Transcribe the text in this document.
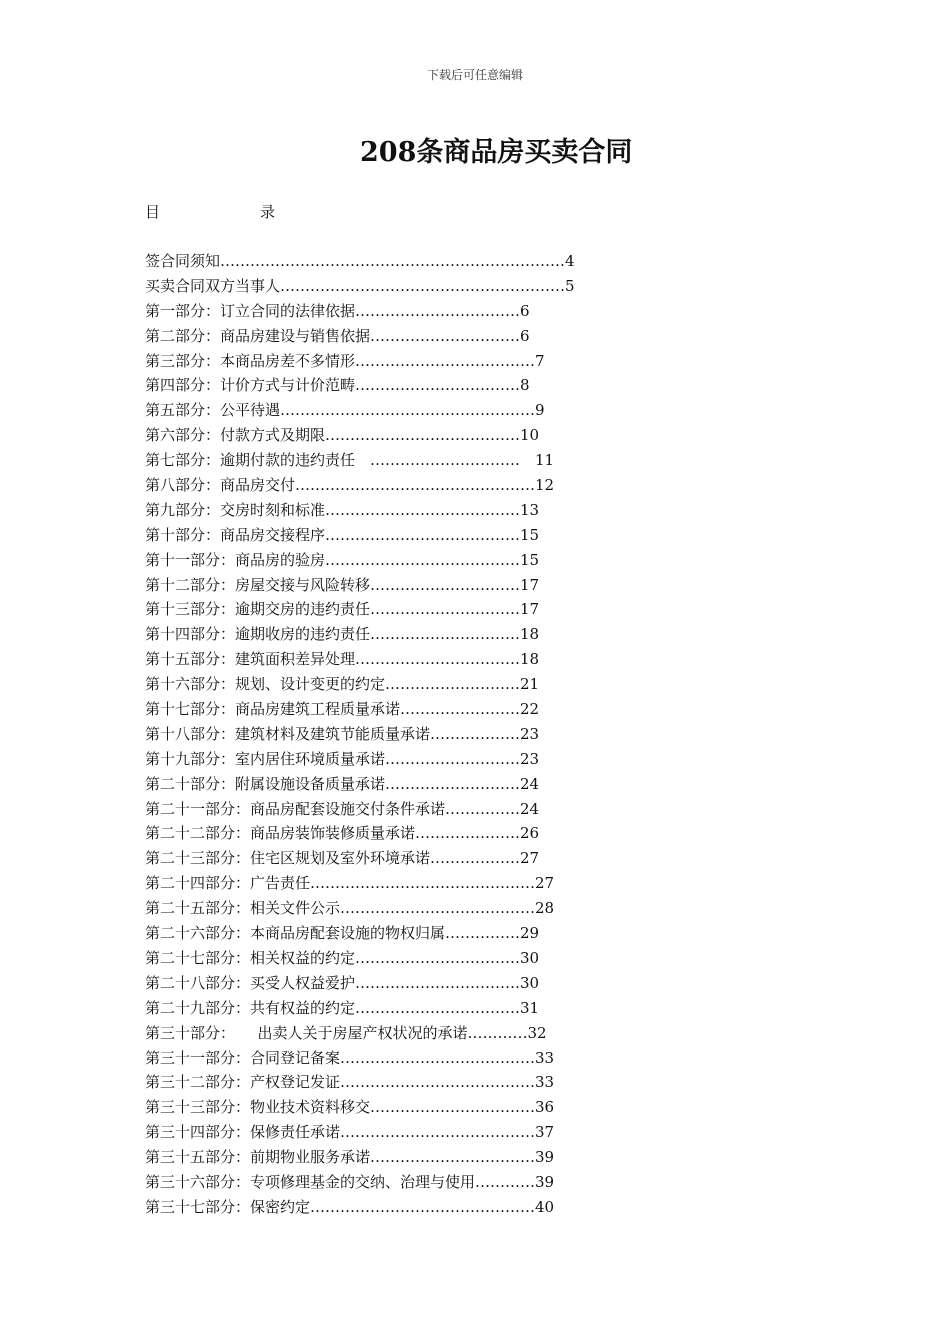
下载后可任意编辑
208条商品房买卖合同
目	录
签合同须知……………………………………………………………4
买卖合同双方当事人…………………………………………………5
第一部分：订立合同的法律依据……………………………6
第二部分：商品房建设与销售依据…………………………6
第三部分：本商品房差不多情形………………………………7
第四部分：计价方式与计价范畴……………………………8
第五部分：公平待遇……………………………………………9
第六部分：付款方式及期限…………………………………10
第七部分：逾期付款的违约责任　…………………………　11
第八部分：商品房交付…………………………………………12
第九部分：交房时刻和标准…………………………………13
第十部分：商品房交接程序…………………………………15
第十一部分：商品房的验房…………………………………15
第十二部分：房屋交接与风险转移…………………………17
第十三部分：逾期交房的违约责任…………………………17
第十四部分：逾期收房的违约责任…………………………18
第十五部分：建筑面积差异处理……………………………18
第十六部分：规划、设计变更的约定………………………21
第十七部分：商品房建筑工程质量承诺……………………22
第十八部分：建筑材料及建筑节能质量承诺………………23
第十九部分：室内居住环境质量承诺………………………23
第二十部分：附属设施设备质量承诺………………………24
第二十一部分：商品房配套设施交付条件承诺……………24
第二十二部分：商品房装饰装修质量承诺…………………26
第二十三部分：住宅区规划及室外环境承诺………………27
第二十四部分：广告责任………………………………………27
第二十五部分：相关文件公示…………………………………28
第二十六部分：本商品房配套设施的物权归属……………29
第二十七部分：相关权益的约定……………………………30
第二十八部分：买受人权益爱护……………………………30
第二十九部分：共有权益的约定……………………………31
第三十部分：　　出卖人关于房屋产权状况的承诺…………32
第三十一部分：合同登记备案…………………………………33
第三十二部分：产权登记发证…………………………………33
第三十三部分：物业技术资料移交……………………………36
第三十四部分：保修责任承诺…………………………………37
第三十五部分：前期物业服务承诺……………………………39
第三十六部分：专项修理基金的交纳、治理与使用…………39
第三十七部分：保密约定………………………………………40
